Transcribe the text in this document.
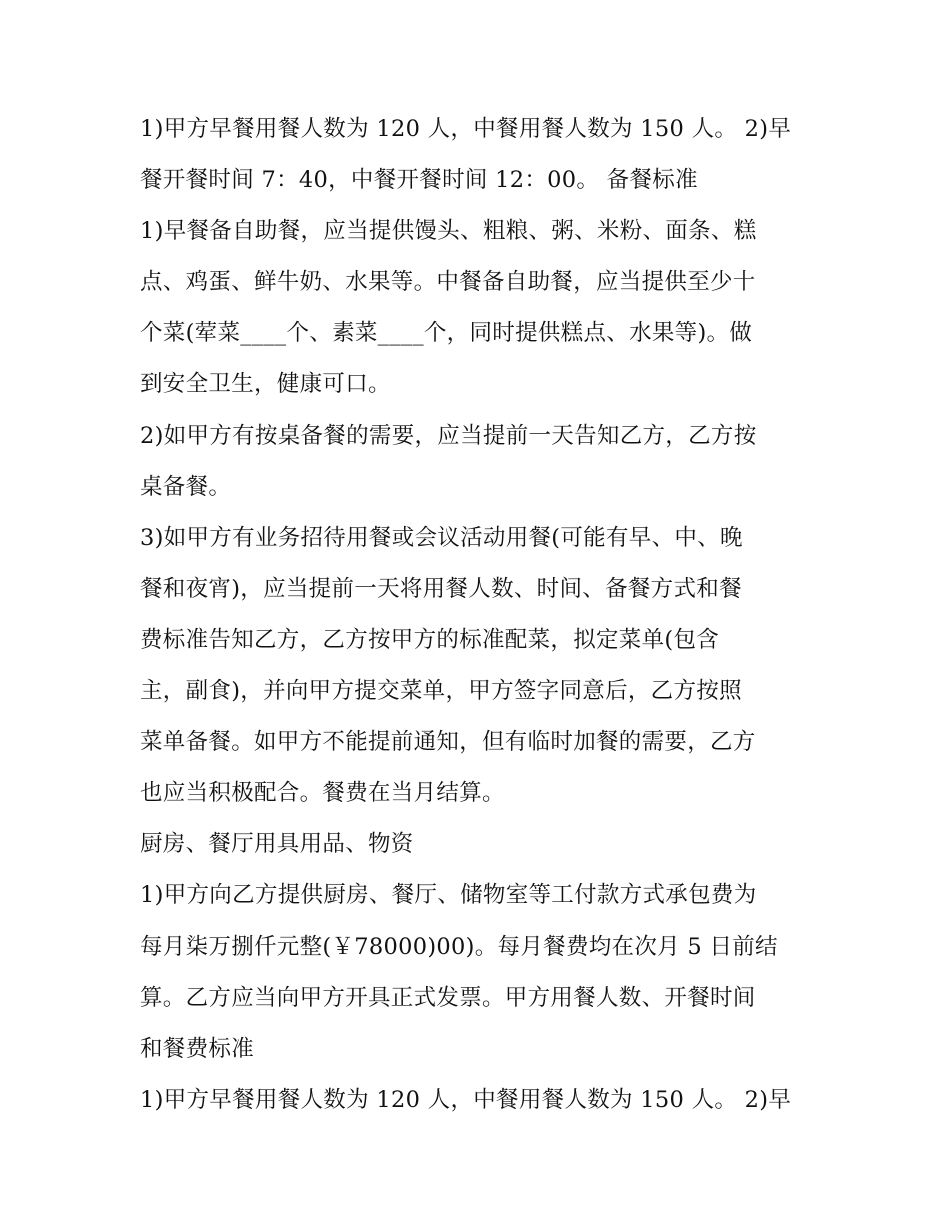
1)甲方早餐用餐人数为 120 人，中餐用餐人数为 150 人。 2)早
餐开餐时间 7：40，中餐开餐时间 12：00。 备餐标准
1)早餐备自助餐，应当提供馒头、粗粮、粥、米粉、面条、糕
点、鸡蛋、鲜牛奶、水果等。中餐备自助餐，应当提供至少十
个菜(荤菜____个、素菜____个，同时提供糕点、水果等)。做
到安全卫生，健康可口。
2)如甲方有按桌备餐的需要，应当提前一天告知乙方，乙方按
桌备餐。
3)如甲方有业务招待用餐或会议活动用餐(可能有早、中、晚
餐和夜宵)，应当提前一天将用餐人数、时间、备餐方式和餐
费标准告知乙方，乙方按甲方的标准配菜，拟定菜单(包含
主，副食)，并向甲方提交菜单，甲方签字同意后，乙方按照
菜单备餐。如甲方不能提前通知，但有临时加餐的需要，乙方
也应当积极配合。餐费在当月结算。
厨房、餐厅用具用品、物资
1)甲方向乙方提供厨房、餐厅、储物室等工付款方式承包费为
每月柒万捌仟元整(￥78000)00)。每月餐费均在次月 5 日前结
算。乙方应当向甲方开具正式发票。甲方用餐人数、开餐时间
和餐费标准
1)甲方早餐用餐人数为 120 人，中餐用餐人数为 150 人。 2)早
